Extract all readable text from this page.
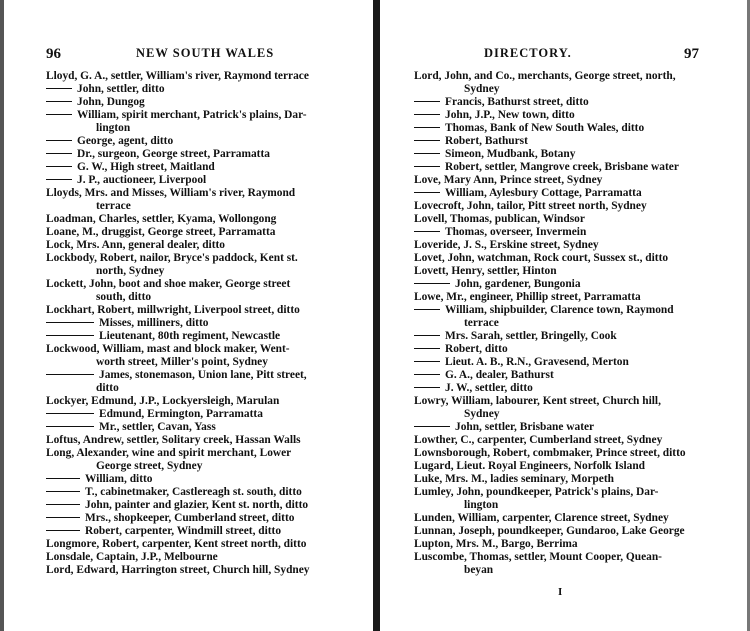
96	NEW SOUTH WALES
Lloyd, G. A., settler, William's river, Raymond terrace
John, settler, ditto
John, Dungog
William, spirit merchant, Patrick's plains, Dar-
lington
George, agent, ditto
Dr., surgeon, George street, Parramatta
G. W., High street, Maitland
J. P., auctioneer, Liverpool
Lloyds, Mrs. and Misses, William's river, Raymond
terrace
Loadman, Charles, settler, Kyama, Wollongong
Loane, M., druggist, George street, Parramatta
Lock, Mrs. Ann, general dealer, ditto
Lockbody, Robert, nailor, Bryce's paddock, Kent st.
north, Sydney
Lockett, John, boot and shoe maker, George street
south, ditto
Lockhart, Robert, millwright, Liverpool street, ditto
Misses, milliners, ditto
Lieutenant, 80th regiment, Newcastle
Lockwood, William, mast and block maker, Went-
worth street, Miller's point, Sydney
James, stonemason, Union lane, Pitt street,
ditto
Lockyer, Edmund, J.P., Lockyersleigh, Marulan
Edmund, Ermington, Parramatta
Mr., settler, Cavan, Yass
Loftus, Andrew, settler, Solitary creek, Hassan Walls
Long, Alexander, wine and spirit merchant, Lower
George street, Sydney
William, ditto
T., cabinetmaker, Castlereagh st. south, ditto
John, painter and glazier, Kent st. north, ditto
Mrs., shopkeeper, Cumberland street, ditto
Robert, carpenter, Windmill street, ditto
Longmore, Robert, carpenter, Kent street north, ditto
Lonsdale, Captain, J.P., Melbourne
Lord, Edward, Harrington street, Church hill, Sydney
DIRECTORY.	97
Lord, John, and Co., merchants, George street, north,
Sydney
Francis, Bathurst street, ditto
John, J.P., New town, ditto
Thomas, Bank of New South Wales, ditto
Robert, Bathurst
Simeon, Mudbank, Botany
Robert, settler, Mangrove creek, Brisbane water
Love, Mary Ann, Prince street, Sydney
William, Aylesbury Cottage, Parramatta
Lovecroft, John, tailor, Pitt street north, Sydney
Lovell, Thomas, publican, Windsor
Thomas, overseer, Invermein
Loveride, J. S., Erskine street, Sydney
Lovet, John, watchman, Rock court, Sussex st., ditto
Lovett, Henry, settler, Hinton
John, gardener, Bungonia
Lowe, Mr., engineer, Phillip street, Parramatta
William, shipbuilder, Clarence town, Raymond
terrace
Mrs. Sarah, settler, Bringelly, Cook
Robert, ditto
Lieut. A. B., R.N., Gravesend, Merton
G. A., dealer, Bathurst
J. W., settler, ditto
Lowry, William, labourer, Kent street, Church hill,
Sydney
John, settler, Brisbane water
Lowther, C., carpenter, Cumberland street, Sydney
Lownsborough, Robert, combmaker, Prince street, ditto
Lugard, Lieut. Royal Engineers, Norfolk Island
Luke, Mrs. M., ladies seminary, Morpeth
Lumley, John, poundkeeper, Patrick's plains, Dar-
lington
Lunden, William, carpenter, Clarence street, Sydney
Lunnan, Joseph, poundkeeper, Gundaroo, Lake George
Lupton, Mrs. M., Bargo, Berrima
Luscombe, Thomas, settler, Mount Cooper, Quean-
beyan
I
